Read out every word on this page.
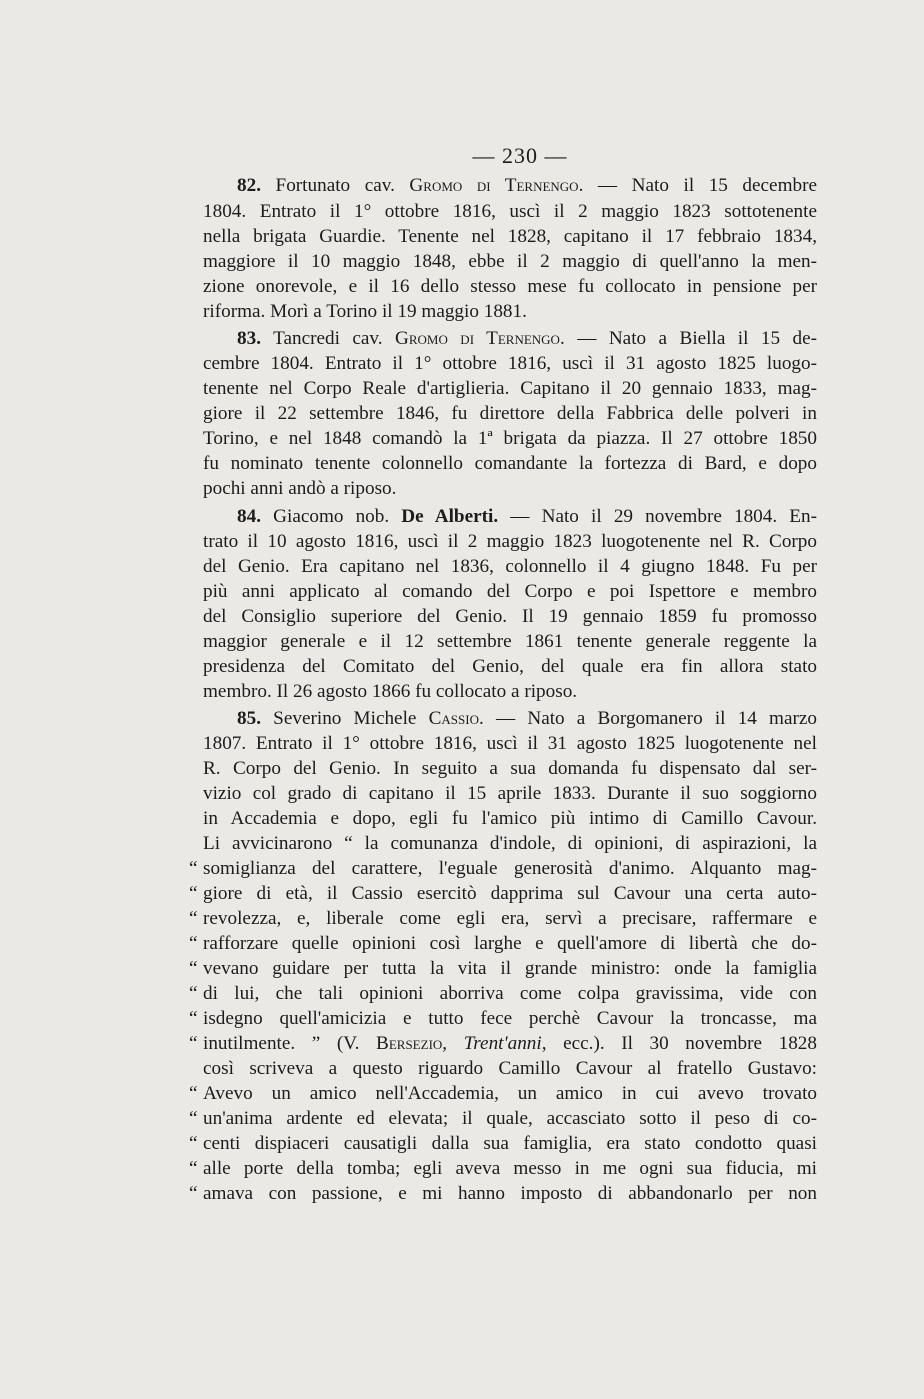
— 230 —
82. Fortunato cav. Gromo di Ternengo. — Nato il 15 decembre
1804. Entrato il 1° ottobre 1816, uscì il 2 maggio 1823 sottotenente
nella brigata Guardie. Tenente nel 1828, capitano il 17 febbraio 1834,
maggiore il 10 maggio 1848, ebbe il 2 maggio di quell'anno la men-
zione onorevole, e il 16 dello stesso mese fu collocato in pensione per
riforma. Morì a Torino il 19 maggio 1881.
83. Tancredi cav. Gromo di Ternengo. — Nato a Biella il 15 de-
cembre 1804. Entrato il 1° ottobre 1816, uscì il 31 agosto 1825 luogo-
tenente nel Corpo Reale d'artiglieria. Capitano il 20 gennaio 1833, mag-
giore il 22 settembre 1846, fu direttore della Fabbrica delle polveri in
Torino, e nel 1848 comandò la 1ª brigata da piazza. Il 27 ottobre 1850
fu nominato tenente colonnello comandante la fortezza di Bard, e dopo
pochi anni andò a riposo.
84. Giacomo nob. De Alberti. — Nato il 29 novembre 1804. En-
trato il 10 agosto 1816, uscì il 2 maggio 1823 luogotenente nel R. Corpo
del Genio. Era capitano nel 1836, colonnello il 4 giugno 1848. Fu per
più anni applicato al comando del Corpo e poi Ispettore e membro
del Consiglio superiore del Genio. Il 19 gennaio 1859 fu promosso
maggior generale e il 12 settembre 1861 tenente generale reggente la
presidenza del Comitato del Genio, del quale era fin allora stato
membro. Il 26 agosto 1866 fu collocato a riposo.
85. Severino Michele Cassio. — Nato a Borgomanero il 14 marzo
1807. Entrato il 1° ottobre 1816, uscì il 31 agosto 1825 luogotenente nel
R. Corpo del Genio. In seguito a sua domanda fu dispensato dal ser-
vizio col grado di capitano il 15 aprile 1833. Durante il suo soggiorno
in Accademia e dopo, egli fu l'amico più intimo di Camillo Cavour.
Li avvicinarono “ la comunanza d'indole, di opinioni, di aspirazioni, la
“ somiglianza del carattere, l'eguale generosità d'animo. Alquanto mag-
“ giore di età, il Cassio esercitò dapprima sul Cavour una certa auto-
“ revolezza, e, liberale come egli era, servì a precisare, raffermare e
“ rafforzare quelle opinioni così larghe e quell'amore di libertà che do-
“ vevano guidare per tutta la vita il grande ministro: onde la famiglia
“ di lui, che tali opinioni aborriva come colpa gravissima, vide con
“ isdegno quell'amicizia e tutto fece perchè Cavour la troncasse, ma
“ inutilmente. ” (V. Bersezio, Trent'anni, ecc.). Il 30 novembre 1828
così scriveva a questo riguardo Camillo Cavour al fratello Gustavo:
“ Avevo un amico nell'Accademia, un amico in cui avevo trovato
“ un'anima ardente ed elevata; il quale, accasciato sotto il peso di co-
“ centi dispiaceri causatigli dalla sua famiglia, era stato condotto quasi
“ alle porte della tomba; egli aveva messo in me ogni sua fiducia, mi
“ amava con passione, e mi hanno imposto di abbandonarlo per non
